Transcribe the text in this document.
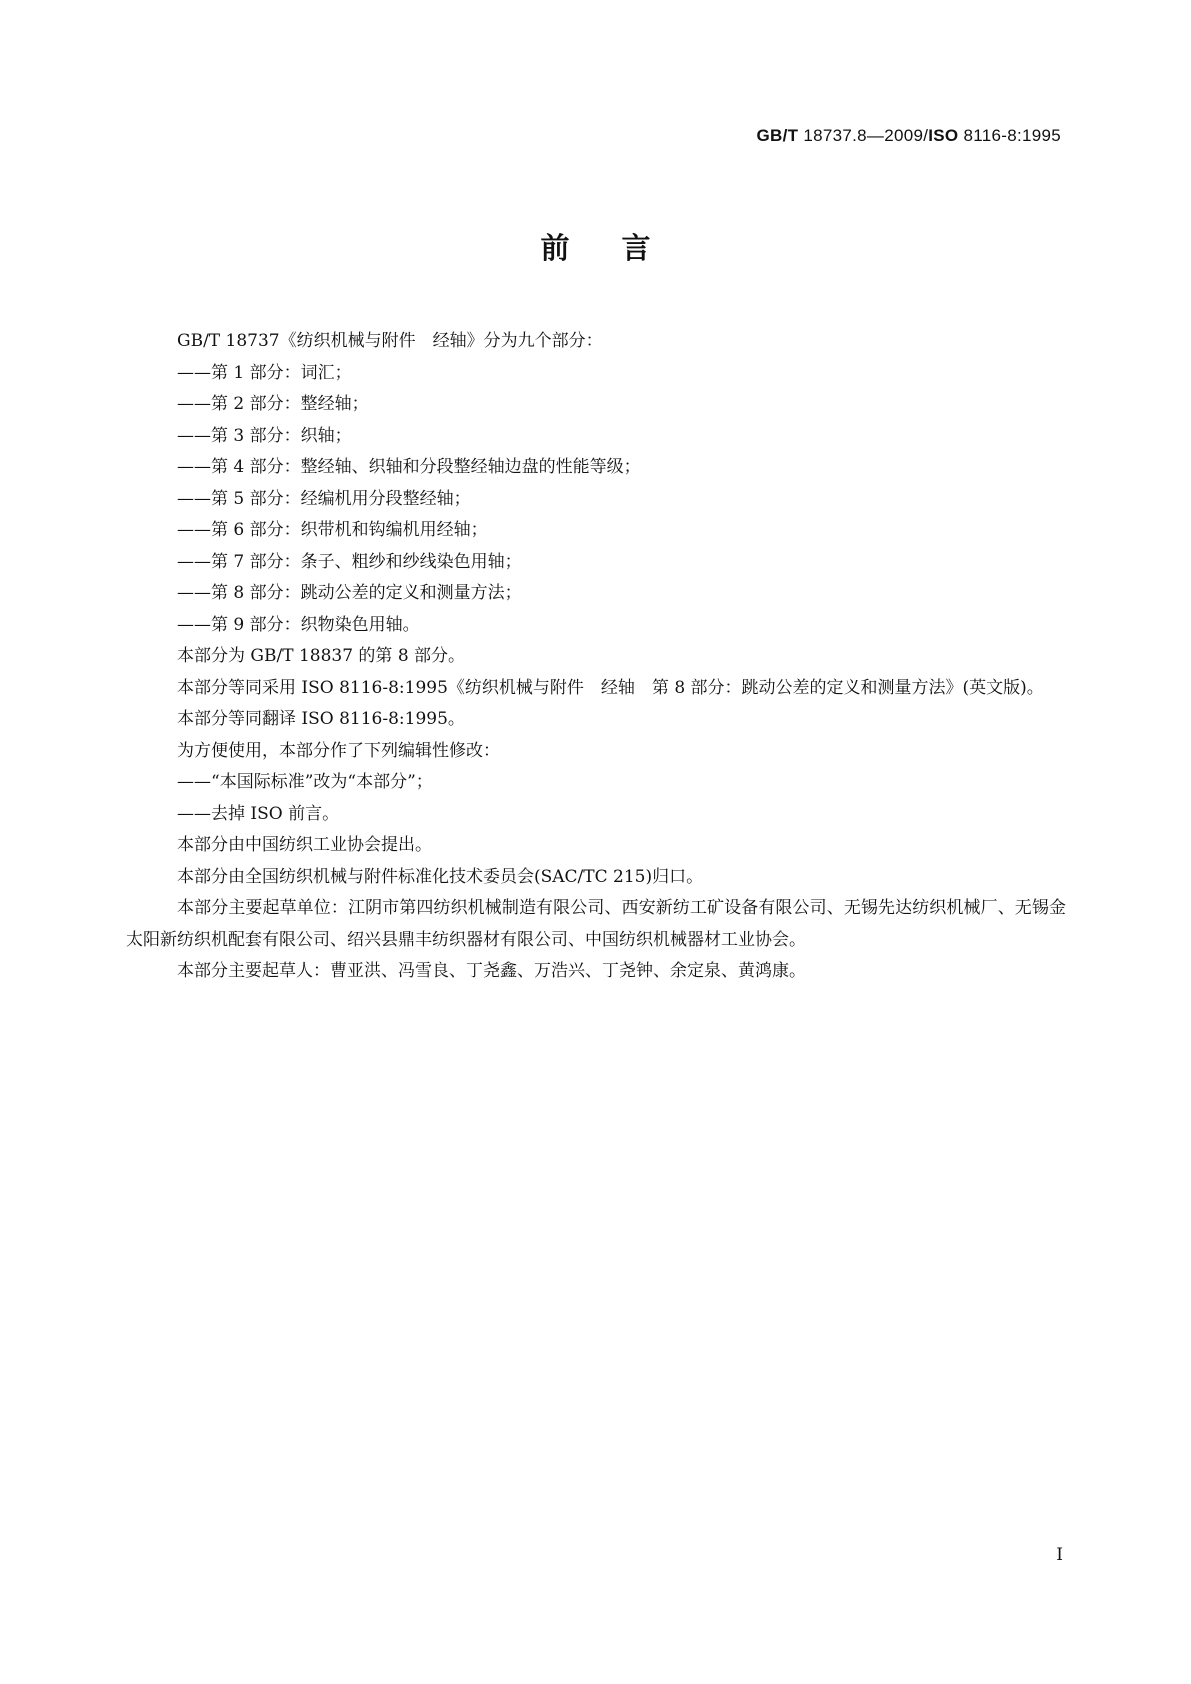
GB/T 18737.8—2009/ISO 8116-8:1995
前言

GB/T 18737《纺织机械与附件　经轴》分为九个部分：

——第 1 部分：词汇；

——第 2 部分：整经轴；

——第 3 部分：织轴；

——第 4 部分：整经轴、织轴和分段整经轴边盘的性能等级；

——第 5 部分：经编机用分段整经轴；

——第 6 部分：织带机和钩编机用经轴；

——第 7 部分：条子、粗纱和纱线染色用轴；

——第 8 部分：跳动公差的定义和测量方法；

——第 9 部分：织物染色用轴。

本部分为 GB/T 18837 的第 8 部分。

本部分等同采用 ISO 8116-8:1995《纺织机械与附件　经轴　第 8 部分：跳动公差的定义和测量方法》(英文版)。

本部分等同翻译 ISO 8116-8:1995。

为方便使用，本部分作了下列编辑性修改：

——“本国际标准”改为“本部分”；

——去掉 ISO 前言。

本部分由中国纺织工业协会提出。

本部分由全国纺织机械与附件标准化技术委员会(SAC/TC 215)归口。

本部分主要起草单位：江阴市第四纺织机械制造有限公司、西安新纺工矿设备有限公司、无锡先达纺织机械厂、无锡金太阳新纺织机配套有限公司、绍兴县鼎丰纺织器材有限公司、中国纺织机械器材工业协会。

本部分主要起草人：曹亚洪、冯雪良、丁尧鑫、万浩兴、丁尧钟、余定泉、黄鸿康。

I
